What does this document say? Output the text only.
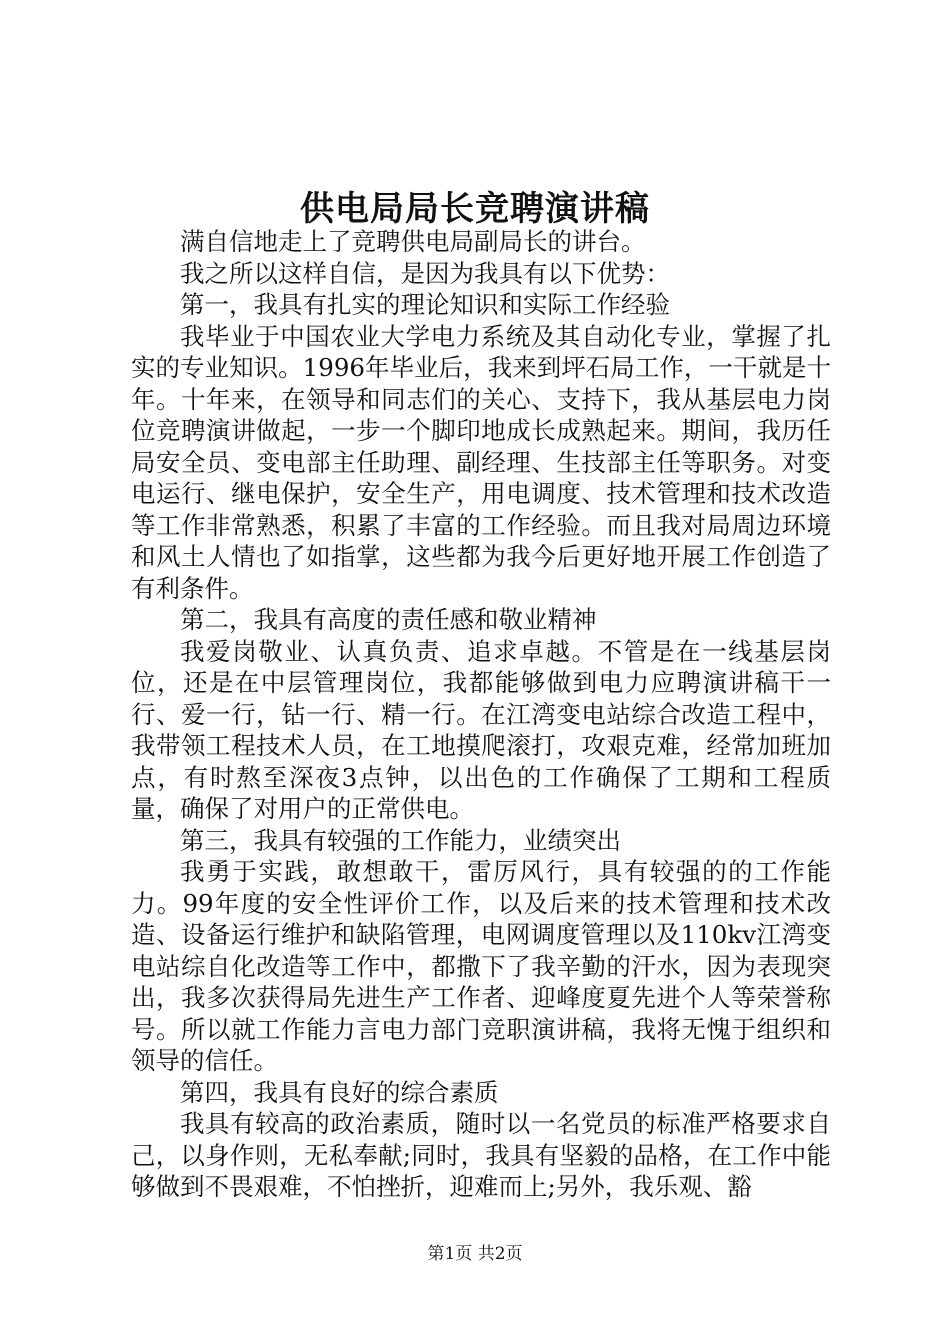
供电局局长竞聘演讲稿

满自信地走上了竞聘供电局副局长的讲台。

我之所以这样自信，是因为我具有以下优势：

第一，我具有扎实的理论知识和实际工作经验

我毕业于中国农业大学电力系统及其自动化专业，掌握了扎实的专业知识。1996年毕业后，我来到坪石局工作，一干就是十年。十年来，在领导和同志们的关心、支持下，我从基层电力岗位竞聘演讲做起，一步一个脚印地成长成熟起来。期间，我历任局安全员、变电部主任助理、副经理、生技部主任等职务。对变电运行、继电保护，安全生产，用电调度、技术管理和技术改造等工作非常熟悉，积累了丰富的工作经验。而且我对局周边环境和风土人情也了如指掌，这些都为我今后更好地开展工作创造了有利条件。

第二，我具有高度的责任感和敬业精神

我爱岗敬业、认真负责、追求卓越。不管是在一线基层岗位，还是在中层管理岗位，我都能够做到电力应聘演讲稿干一行、爱一行，钻一行、精一行。在江湾变电站综合改造工程中，我带领工程技术人员，在工地摸爬滚打，攻艰克难，经常加班加点，有时熬至深夜3点钟，以出色的工作确保了工期和工程质量，确保了对用户的正常供电。

第三，我具有较强的工作能力，业绩突出

我勇于实践，敢想敢干，雷厉风行，具有较强的的工作能力。99年度的安全性评价工作，以及后来的技术管理和技术改造、设备运行维护和缺陷管理，电网调度管理以及110kv江湾变电站综自化改造等工作中，都撒下了我辛勤的汗水，因为表现突出，我多次获得局先进生产工作者、迎峰度夏先进个人等荣誉称号。所以就工作能力言电力部门竞职演讲稿，我将无愧于组织和领导的信任。

第四，我具有良好的综合素质

我具有较高的政治素质，随时以一名党员的标准严格要求自己，以身作则，无私奉献;同时，我具有坚毅的品格，在工作中能够做到不畏艰难，不怕挫折，迎难而上;另外，我乐观、豁

第1页 共2页
